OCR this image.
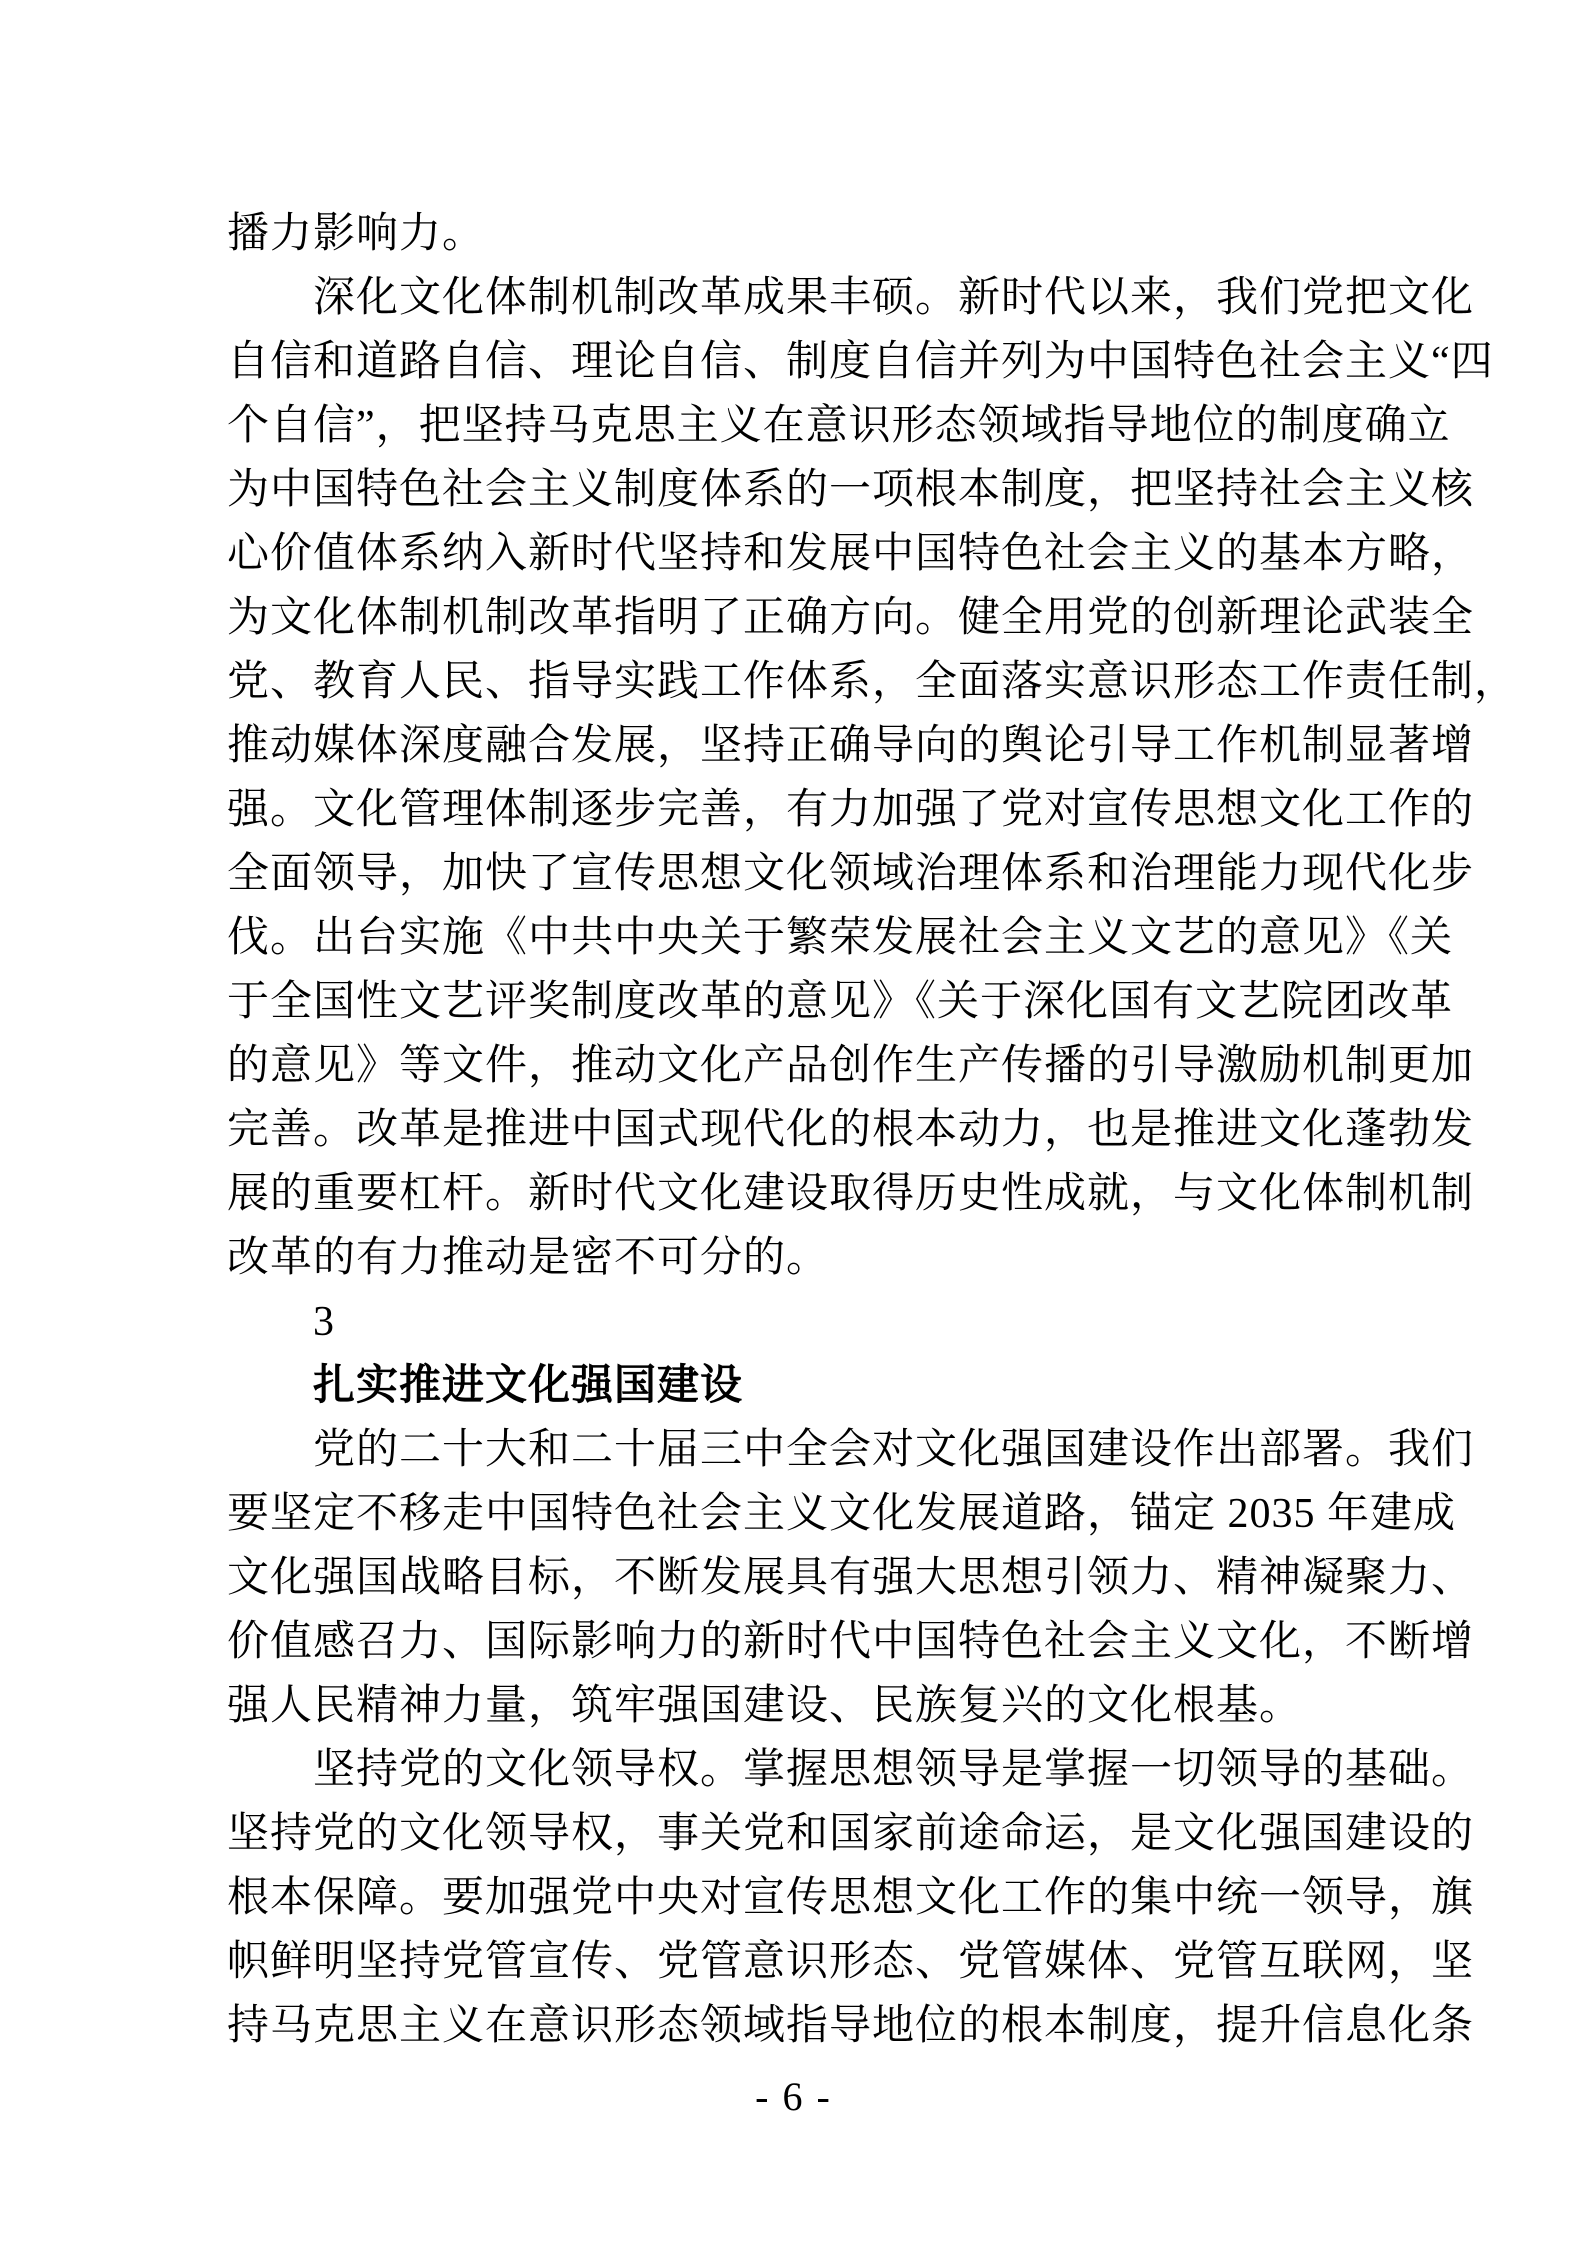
播力影响力。
深化文化体制机制改革成果丰硕。新时代以来，我们党把文化
自信和道路自信、理论自信、制度自信并列为中国特色社会主义“四
个自信”，把坚持马克思主义在意识形态领域指导地位的制度确立
为中国特色社会主义制度体系的一项根本制度，把坚持社会主义核
心价值体系纳入新时代坚持和发展中国特色社会主义的基本方略，
为文化体制机制改革指明了正确方向。健全用党的创新理论武装全
党、教育人民、指导实践工作体系，全面落实意识形态工作责任制，
推动媒体深度融合发展，坚持正确导向的舆论引导工作机制显著增
强。文化管理体制逐步完善，有力加强了党对宣传思想文化工作的
全面领导，加快了宣传思想文化领域治理体系和治理能力现代化步
伐。出台实施《中共中央关于繁荣发展社会主义文艺的意见》《关
于全国性文艺评奖制度改革的意见》《关于深化国有文艺院团改革
的意见》等文件，推动文化产品创作生产传播的引导激励机制更加
完善。改革是推进中国式现代化的根本动力，也是推进文化蓬勃发
展的重要杠杆。新时代文化建设取得历史性成就，与文化体制机制
改革的有力推动是密不可分的。
3
扎实推进文化强国建设
党的二十大和二十届三中全会对文化强国建设作出部署。我们
要坚定不移走中国特色社会主义文化发展道路，锚定 2035 年建成
文化强国战略目标，不断发展具有强大思想引领力、精神凝聚力、
价值感召力、国际影响力的新时代中国特色社会主义文化，不断增
强人民精神力量，筑牢强国建设、民族复兴的文化根基。
坚持党的文化领导权。掌握思想领导是掌握一切领导的基础。
坚持党的文化领导权，事关党和国家前途命运，是文化强国建设的
根本保障。要加强党中央对宣传思想文化工作的集中统一领导，旗
帜鲜明坚持党管宣传、党管意识形态、党管媒体、党管互联网，坚
持马克思主义在意识形态领域指导地位的根本制度，提升信息化条
- 6 -
